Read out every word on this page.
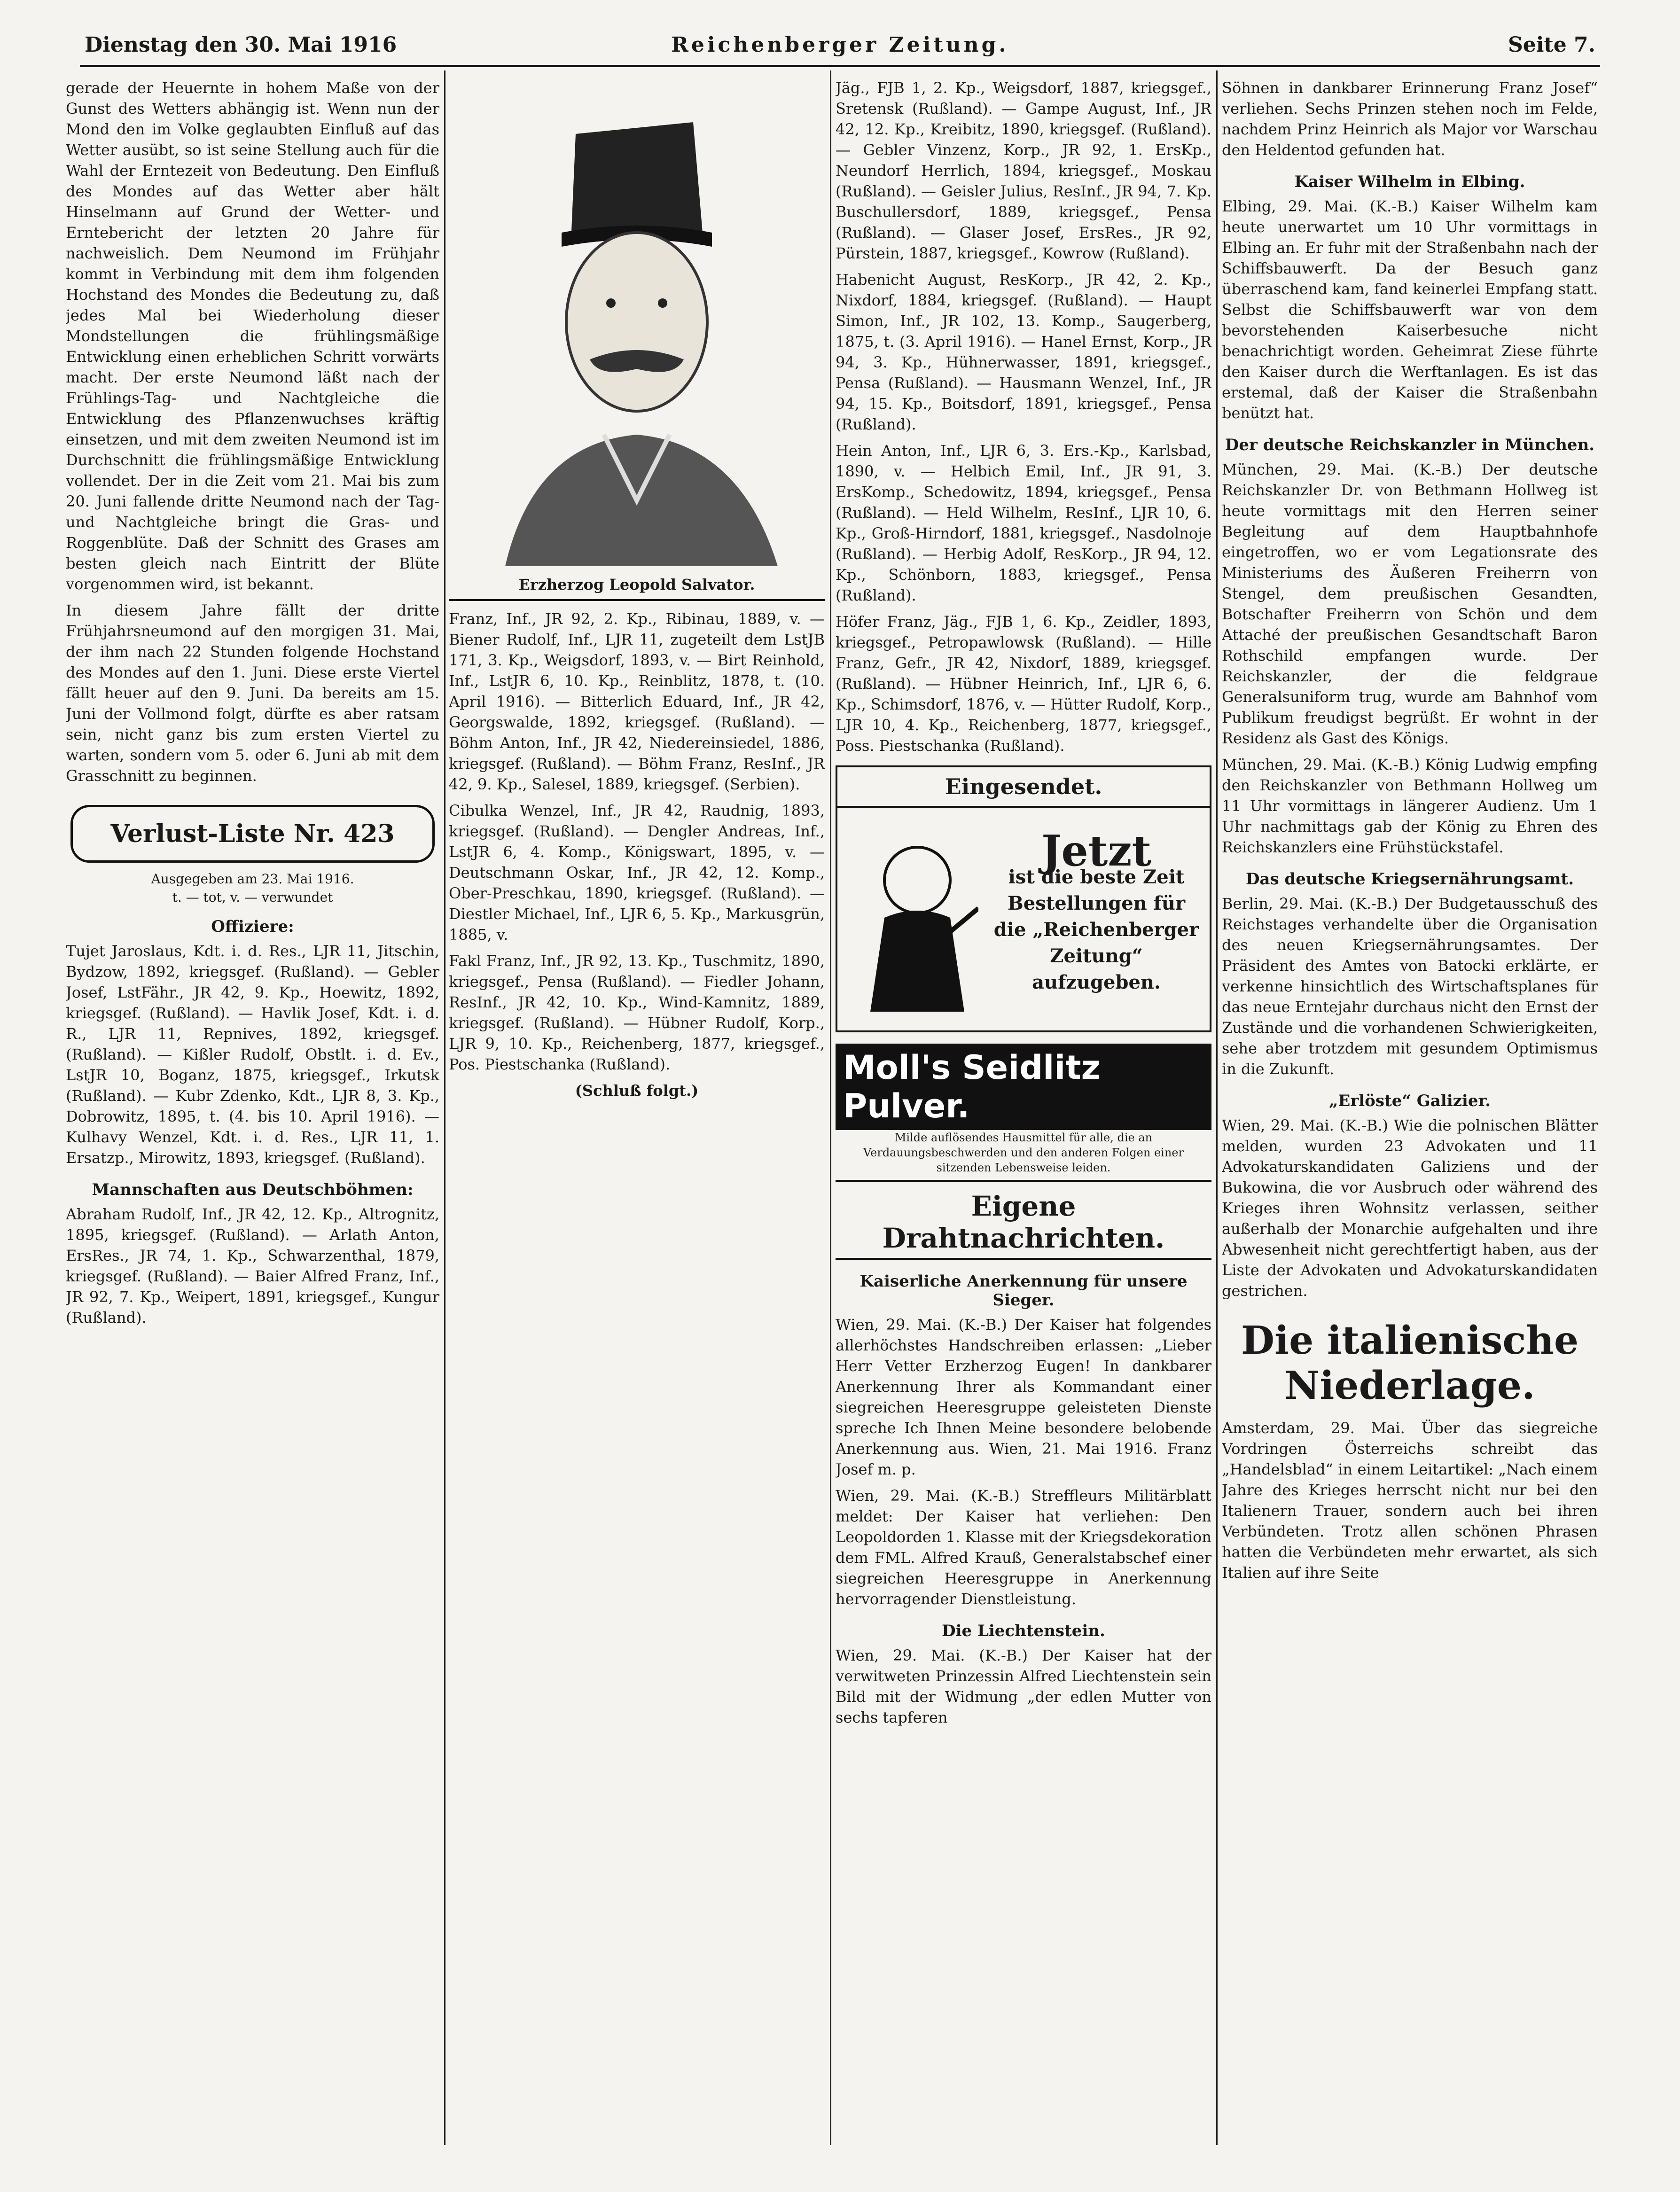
Dienstag den 30. Mai 1916	Reichenberger Zeitung.	Seite 7.

gerade der Heuernte in hohem Maße von der Gunst des Wetters abhängig ist. Wenn nun der Mond den im Volke geglaubten Einfluß auf das Wetter ausübt, so ist seine Stellung auch für die Wahl der Erntezeit von Bedeutung. Den Einfluß des Mondes auf das Wetter aber hält Hinselmann auf Grund der Wetter- und Erntebericht der letzten 20 Jahre für nachweislich. Dem Neumond im Frühjahr kommt in Verbindung mit dem ihm folgenden Hochstand des Mondes die Bedeutung zu, daß jedes Mal bei Wiederholung dieser Mondstellungen die frühlingsmäßige Entwicklung einen erheblichen Schritt vorwärts macht. Der erste Neumond läßt nach der Frühlings-Tag- und Nachtgleiche die Entwicklung des Pflanzenwuchses kräftig einsetzen, und mit dem zweiten Neumond ist im Durchschnitt die frühlingsmäßige Entwicklung vollendet. Der in die Zeit vom 21. Mai bis zum 20. Juni fallende dritte Neumond nach der Tag- und Nachtgleiche bringt die Gras- und Roggenblüte. Daß der Schnitt des Grases am besten gleich nach Eintritt der Blüte vorgenommen wird, ist bekannt.

In diesem Jahre fällt der dritte Frühjahrsneumond auf den morgigen 31. Mai, der ihm nach 22 Stunden folgende Hochstand des Mondes auf den 1. Juni. Diese erste Viertel fällt heuer auf den 9. Juni. Da bereits am 15. Juni der Vollmond folgt, dürfte es aber ratsam sein, nicht ganz bis zum ersten Viertel zu warten, sondern vom 5. oder 6. Juni ab mit dem Grasschnitt zu beginnen.

Verlust-Liste Nr. 423
Ausgegeben am 23. Mai 1916.
t. — tot, v. — verwundet
Offiziere:

Tujet Jaroslaus, Kdt. i. d. Res., LJR 11, Jitschin, Bydzow, 1892, kriegsgef. (Rußland). — Gebler Josef, LstFähr., JR 42, 9. Kp., Hoewitz, 1892, kriegsgef. (Rußland). — Havlik Josef, Kdt. i. d. R., LJR 11, Repnives, 1892, kriegsgef. (Rußland). — Kißler Rudolf, Obstlt. i. d. Ev., LstJR 10, Boganz, 1875, kriegsgef., Irkutsk (Rußland). — Kubr Zdenko, Kdt., LJR 8, 3. Kp., Dobrowitz, 1895, t. (4. bis 10. April 1916). — Kulhavy Wenzel, Kdt. i. d. Res., LJR 11, 1. Ersatzp., Mirowitz, 1893, kriegsgef. (Rußland).

Mannschaften aus Deutschböhmen:

Abraham Rudolf, Inf., JR 42, 12. Kp., Altrognitz, 1895, kriegsgef. (Rußland). — Arlath Anton, ErsRes., JR 74, 1. Kp., Schwarzenthal, 1879, kriegsgef. (Rußland). — Baier Alfred Franz, Inf., JR 92, 7. Kp., Weipert, 1891, kriegsgef., Kungur (Rußland).

Erzherzog Leopold Salvator.

Franz, Inf., JR 92, 2. Kp., Ribinau, 1889, v. — Biener Rudolf, Inf., LJR 11, zugeteilt dem LstJB 171, 3. Kp., Weigsdorf, 1893, v. — Birt Reinhold, Inf., LstJR 6, 10. Kp., Reinblitz, 1878, t. (10. April 1916). — Bitterlich Eduard, Inf., JR 42, Georgswalde, 1892, kriegsgef. (Rußland). — Böhm Anton, Inf., JR 42, Niedereinsiedel, 1886, kriegsgef. (Rußland). — Böhm Franz, ResInf., JR 42, 9. Kp., Salesel, 1889, kriegsgef. (Serbien).

Cibulka Wenzel, Inf., JR 42, Raudnig, 1893, kriegsgef. (Rußland). — Dengler Andreas, Inf., LstJR 6, 4. Komp., Königswart, 1895, v. — Deutschmann Oskar, Inf., JR 42, 12. Komp., Ober-Preschkau, 1890, kriegsgef. (Rußland). — Diestler Michael, Inf., LJR 6, 5. Kp., Markusgrün, 1885, v.

Fakl Franz, Inf., JR 92, 13. Kp., Tuschmitz, 1890, kriegsgef., Pensa (Rußland). — Fiedler Johann, ResInf., JR 42, 10. Kp., Wind-Kamnitz, 1889, kriegsgef. (Rußland). — Hübner Rudolf, Korp., LJR 9, 10. Kp., Reichenberg, 1877, kriegsgef., Pos. Piestschanka (Rußland).

(Schluß folgt.)

Jäg., FJB 1, 2. Kp., Weigsdorf, 1887, kriegsgef., Sretensk (Rußland). — Gampe August, Inf., JR 42, 12. Kp., Kreibitz, 1890, kriegsgef. (Rußland). — Gebler Vinzenz, Korp., JR 92, 1. ErsKp., Neundorf Herrlich, 1894, kriegsgef., Moskau (Rußland). — Geisler Julius, ResInf., JR 94, 7. Kp. Buschullersdorf, 1889, kriegsgef., Pensa (Rußland). — Glaser Josef, ErsRes., JR 92, Pürstein, 1887, kriegsgef., Kowrow (Rußland).

Habenicht August, ResKorp., JR 42, 2. Kp., Nixdorf, 1884, kriegsgef. (Rußland). — Haupt Simon, Inf., JR 102, 13. Komp., Saugerberg, 1875, t. (3. April 1916). — Hanel Ernst, Korp., JR 94, 3. Kp., Hühnerwasser, 1891, kriegsgef., Pensa (Rußland). — Hausmann Wenzel, Inf., JR 94, 15. Kp., Boitsdorf, 1891, kriegsgef., Pensa (Rußland).

Hein Anton, Inf., LJR 6, 3. Ers.-Kp., Karlsbad, 1890, v. — Helbich Emil, Inf., JR 91, 3. ErsKomp., Schedowitz, 1894, kriegsgef., Pensa (Rußland). — Held Wilhelm, ResInf., LJR 10, 6. Kp., Groß-Hirndorf, 1881, kriegsgef., Nasdolnoje (Rußland). — Herbig Adolf, ResKorp., JR 94, 12. Kp., Schönborn, 1883, kriegsgef., Pensa (Rußland).

Höfer Franz, Jäg., FJB 1, 6. Kp., Zeidler, 1893, kriegsgef., Petropawlowsk (Rußland). — Hille Franz, Gefr., JR 42, Nixdorf, 1889, kriegsgef. (Rußland). — Hübner Heinrich, Inf., LJR 6, 6. Kp., Schimsdorf, 1876, v. — Hütter Rudolf, Korp., LJR 10, 4. Kp., Reichenberg, 1877, kriegsgef., Poss. Piestschanka (Rußland).

Eingesendet.
Jetzt
ist die beste Zeit Bestellungen für die „Reichenberger Zeitung“ aufzugeben.
Moll's Seidlitz Pulver.
Milde auflösendes Hausmittel für alle, die an Verdauungsbeschwerden und den anderen Folgen einer sitzenden Lebensweise leiden.
Eigene Drahtnachrichten.
Kaiserliche Anerkennung für unsere Sieger.

Wien, 29. Mai. (K.-B.) Der Kaiser hat folgendes allerhöchstes Handschreiben erlassen: „Lieber Herr Vetter Erzherzog Eugen! In dankbarer Anerkennung Ihrer als Kommandant einer siegreichen Heeresgruppe geleisteten Dienste spreche Ich Ihnen Meine besondere belobende Anerkennung aus. Wien, 21. Mai 1916. Franz Josef m. p.

Wien, 29. Mai. (K.-B.) Streffleurs Militärblatt meldet: Der Kaiser hat verliehen: Den Leopoldorden 1. Klasse mit der Kriegsdekoration dem FML. Alfred Krauß, Generalstabschef einer siegreichen Heeresgruppe in Anerkennung hervorragender Dienstleistung.

Die Liechtenstein.

Wien, 29. Mai. (K.-B.) Der Kaiser hat der verwitweten Prinzessin Alfred Liechtenstein sein Bild mit der Widmung „der edlen Mutter von sechs tapferen

Söhnen in dankbarer Erinnerung Franz Josef“ verliehen. Sechs Prinzen stehen noch im Felde, nachdem Prinz Heinrich als Major vor Warschau den Heldentod gefunden hat.

Kaiser Wilhelm in Elbing.

Elbing, 29. Mai. (K.-B.) Kaiser Wilhelm kam heute unerwartet um 10 Uhr vormittags in Elbing an. Er fuhr mit der Straßenbahn nach der Schiffsbauwerft. Da der Besuch ganz überraschend kam, fand keinerlei Empfang statt. Selbst die Schiffsbauwerft war von dem bevorstehenden Kaiserbesuche nicht benachrichtigt worden. Geheimrat Ziese führte den Kaiser durch die Werftanlagen. Es ist das erstemal, daß der Kaiser die Straßenbahn benützt hat.

Der deutsche Reichskanzler in München.

München, 29. Mai. (K.-B.) Der deutsche Reichskanzler Dr. von Bethmann Hollweg ist heute vormittags mit den Herren seiner Begleitung auf dem Hauptbahnhofe eingetroffen, wo er vom Legationsrate des Ministeriums des Äußeren Freiherrn von Stengel, dem preußischen Gesandten, Botschafter Freiherrn von Schön und dem Attaché der preußischen Gesandtschaft Baron Rothschild empfangen wurde. Der Reichskanzler, der die feldgraue Generalsuniform trug, wurde am Bahnhof vom Publikum freudigst begrüßt. Er wohnt in der Residenz als Gast des Königs.

München, 29. Mai. (K.-B.) König Ludwig empfing den Reichskanzler von Bethmann Hollweg um 11 Uhr vormittags in längerer Audienz. Um 1 Uhr nachmittags gab der König zu Ehren des Reichskanzlers eine Frühstückstafel.

Das deutsche Kriegsernährungsamt.

Berlin, 29. Mai. (K.-B.) Der Budgetausschuß des Reichstages verhandelte über die Organisation des neuen Kriegsernährungsamtes. Der Präsident des Amtes von Batocki erklärte, er verkenne hinsichtlich des Wirtschaftsplanes für das neue Erntejahr durchaus nicht den Ernst der Zustände und die vorhandenen Schwierigkeiten, sehe aber trotzdem mit gesundem Optimismus in die Zukunft.

„Erlöste“ Galizier.

Wien, 29. Mai. (K.-B.) Wie die polnischen Blätter melden, wurden 23 Advokaten und 11 Advokaturskandidaten Galiziens und der Bukowina, die vor Ausbruch oder während des Krieges ihren Wohnsitz verlassen, seither außerhalb der Monarchie aufgehalten und ihre Abwesenheit nicht gerechtfertigt haben, aus der Liste der Advokaten und Advokaturskandidaten gestrichen.

Die italienische Niederlage.

Amsterdam, 29. Mai. Über das siegreiche Vordringen Österreichs schreibt das „Handelsblad“ in einem Leitartikel: „Nach einem Jahre des Krieges herrscht nicht nur bei den Italienern Trauer, sondern auch bei ihren Verbündeten. Trotz allen schönen Phrasen hatten die Verbündeten mehr erwartet, als sich Italien auf ihre Seite
